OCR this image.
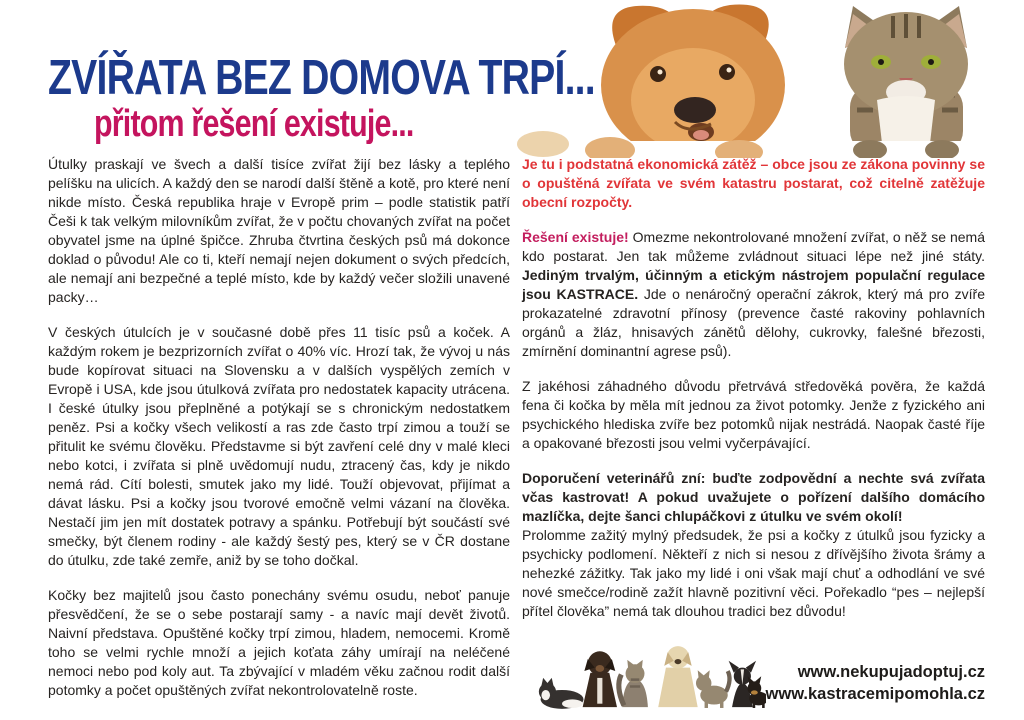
ZVÍŘATA BEZ DOMOVA TRPÍ...
přitom řešení existuje...

Útulky praskají ve švech a další tisíce zvířat žijí bez lásky a teplého pelíšku na ulicích. A každý den se narodí další štěně a kotě, pro které není nikde místo. Česká republika hraje v Evropě prim – podle statistik patří Češi k tak velkým milovníkům zvířat, že v počtu chovaných zvířat na počet obyvatel jsme na úplné špičce. Zhruba čtvrtina českých psů má dokonce doklad o původu! Ale co ti, kteří nemají nejen dokument o svých předcích, ale nemají ani bezpečné a teplé místo, kde by každý večer složili unavené packy…

V českých útulcích je v současné době přes 11 tisíc psů a koček. A každým rokem je bezprizorních zvířat o 40% víc. Hrozí tak, že vývoj u nás bude kopírovat situaci na Slovensku a v dalších vyspělých zemích v Evropě i USA, kde jsou útulková zvířata pro nedostatek kapacity utrácena. I české útulky jsou přeplněné a potýkají se s chronickým nedostatkem peněz. Psi a kočky všech velikostí a ras zde často trpí zimou a touží se přitulit ke svému člověku. Představme si být zavření celé dny v malé kleci nebo kotci, i zvířata si plně uvědomují nudu, ztracený čas, kdy je nikdo nemá rád. Cítí bolesti, smutek jako my lidé. Touží objevovat, přijímat a dávat lásku. Psi a kočky jsou tvorové emočně velmi vázaní na člověka. Nestačí jim jen mít dostatek potravy a spánku. Potřebují být součástí své smečky, být členem rodiny - ale každý šestý pes, který se v ČR dostane do útulku, zde také zemře, aniž by se toho dočkal.

Kočky bez majitelů jsou často ponechány svému osudu, neboť panuje přesvědčení, že se o sebe postarají samy - a navíc mají devět životů. Naivní představa. Opuštěné kočky trpí zimou, hladem, nemocemi. Kromě toho se velmi rychle množí a jejich koťata záhy umírají na neléčené nemoci nebo pod koly aut. Ta zbývající v mladém věku začnou rodit další potomky a počet opuštěných zvířat nekontrolovatelně roste.

Je tu i podstatná ekonomická zátěž – obce jsou ze zákona povinny se o opuštěná zvířata ve svém katastru postarat, což citelně zatěžuje obecní rozpočty.

Řešení existuje! Omezme nekontrolované množení zvířat, o něž se nemá kdo postarat. Jen tak můžeme zvládnout situaci lépe než jiné státy. Jediným trvalým, účinným a etickým nástrojem populační regulace jsou KASTRACE. Jde o nenáročný operační zákrok, který má pro zvíře prokazatelné zdravotní přínosy (prevence časté rakoviny pohlavních orgánů a žláz, hnisavých zánětů dělohy, cukrovky, falešné březosti, zmírnění dominantní agrese psů).

Z jakéhosi záhadného důvodu přetrvává středověká pověra, že každá fena či kočka by měla mít jednou za život potomky. Jenže z fyzického ani psychického hlediska zvíře bez potomků nijak nestrádá. Naopak časté říje a opakované březosti jsou velmi vyčerpávající.

Doporučení veterinářů zní: buďte zodpovědní a nechte svá zvířata včas kastrovat! A pokud uvažujete o pořízení dalšího domácího mazlíčka, dejte šanci chlupáčkovi z útulku ve svém okolí!
Prolomme zažitý mylný předsudek, že psi a kočky z útulků jsou fyzicky a psychicky podlomení. Někteří z nich si nesou z dřívějšího života šrámy a nehezké zážitky. Tak jako my lidé i oni však mají chuť a odhodlání ve své nové smečce/rodině zažít hlavně pozitivní věci. Pořekadlo “pes – nejlepší přítel člověka” nemá tak dlouhou tradici bez důvodu!

www.nekupujadoptuj.cz
www.kastracemipomohla.cz
